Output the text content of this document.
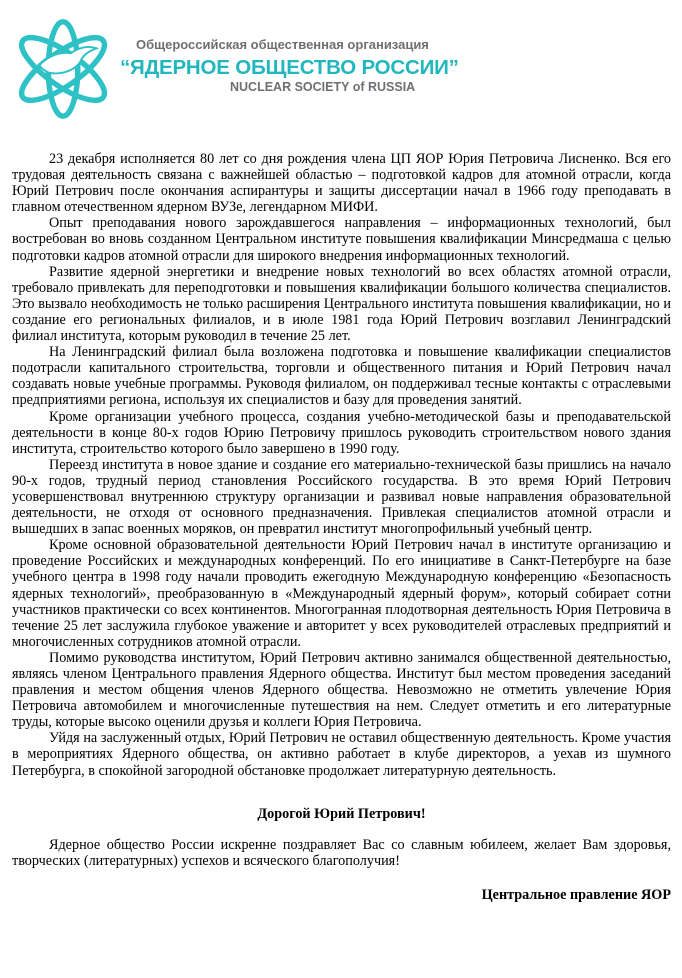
Общероссийская общественная организация
“ЯДЕРНОЕ ОБЩЕСТВО РОССИИ”
NUCLEAR SOCIETY of RUSSIA

23 декабря исполняется 80 лет со дня рождения члена ЦП ЯОР Юрия Петровича Лисненко. Вся его трудовая деятельность связана с важнейшей областью – подготовкой кадров для атомной отрасли, когда Юрий Петрович после окончания аспирантуры и защиты диссертации начал в 1966 году преподавать в главном отечественном ядерном ВУЗе, легендарном МИФИ.

Опыт преподавания нового зарождавшегося направления – информационных технологий, был востребован во вновь созданном Центральном институте повышения квалификации Минсредмаша с целью подготовки кадров атомной отрасли для широкого внедрения информационных технологий.

Развитие ядерной энергетики и внедрение новых технологий во всех областях атомной отрасли, требовало привлекать для переподготовки и повышения квалификации большого количества специалистов. Это вызвало необходимость не только расширения Центрального института повышения квалификации, но и создание его региональных филиалов, и в июле 1981 года Юрий Петрович возглавил Ленинградский филиал института, которым руководил в течение 25 лет.

На Ленинградский филиал была возложена подготовка и повышение квалификации специалистов подотрасли капитального строительства, торговли и общественного питания и Юрий Петрович начал создавать новые учебные программы. Руководя филиалом, он поддерживал тесные контакты с отраслевыми предприятиями региона, используя их специалистов и базу для проведения занятий.

Кроме организации учебного процесса, создания учебно-методической базы и преподавательской деятельности в конце 80-х годов Юрию Петровичу пришлось руководить строительством нового здания института, строительство которого было завершено в 1990 году.

Переезд института в новое здание и создание его материально-технической базы пришлись на начало 90-х годов, трудный период становления Российского государства. В это время Юрий Петрович усовершенствовал внутреннюю структуру организации и развивал новые направления образовательной деятельности, не отходя от основного предназначения. Привлекая специалистов атомной отрасли и вышедших в запас военных моряков, он превратил институт многопрофильный учебный центр.

Кроме основной образовательной деятельности Юрий Петрович начал в институте организацию и проведение Российских и международных конференций. По его инициативе в Санкт-Петербурге на базе учебного центра в 1998 году начали проводить ежегодную Международную конференцию «Безопасность ядерных технологий», преобразованную в «Международный ядерный форум», который собирает сотни участников практически со всех континентов. Многогранная плодотворная деятельность Юрия Петровича в течение 25 лет заслужила глубокое уважение и авторитет у всех руководителей отраслевых предприятий и многочисленных сотрудников атомной отрасли.

Помимо руководства институтом, Юрий Петрович активно занимался общественной деятельностью, являясь членом Центрального правления Ядерного общества. Институт был местом проведения заседаний правления и местом общения членов Ядерного общества. Невозможно не отметить увлечение Юрия Петровича автомобилем и многочисленные путешествия на нем. Следует отметить и его литературные труды, которые высоко оценили друзья и коллеги Юрия Петровича.

Уйдя на заслуженный отдых, Юрий Петрович не оставил общественную деятельность. Кроме участия в мероприятиях Ядерного общества, он активно работает в клубе директоров, а уехав из шумного Петербурга, в спокойной загородной обстановке продолжает литературную деятельность.

Дорогой Юрий Петрович!

Ядерное общество России искренне поздравляет Вас со славным юбилеем, желает Вам здоровья, творческих (литературных) успехов и всяческого благополучия!

Центральное правление ЯОР
